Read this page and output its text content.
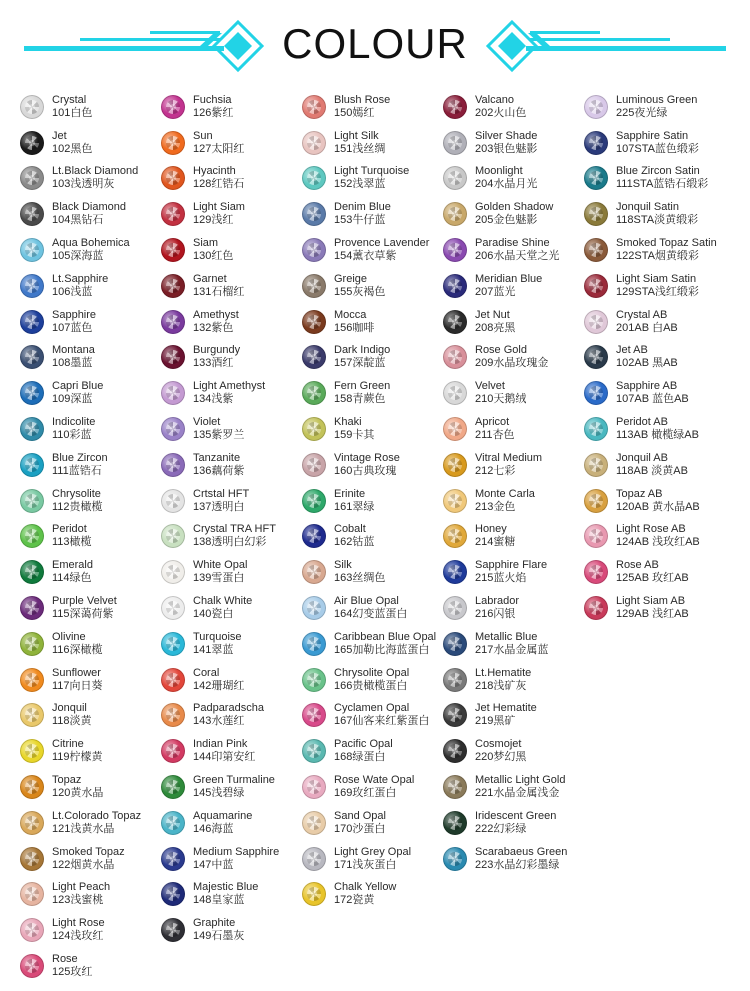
COLOUR
Crystal
101白色
Jet
102黑色
Lt.Black Diamond
103浅透明灰
Black Diamond
104黑钻石
Aqua Bohemica
105深海蓝
Lt.Sapphire
106浅蓝
Sapphire
107蓝色
Montana
108墨蓝
Capri Blue
109深蓝
Indicolite
110彩蓝
Blue Zircon
111蓝锆石
Chrysolite
112贵橄榄
Peridot
113橄榄
Emerald
114绿色
Purple Velvet
115深蔼荷紫
Olivine
116深橄榄
Sunflower
117向日葵
Jonquil
118淡黄
Citrine
119柠檬黄
Topaz
120黄水晶
Lt.Colorado Topaz
121浅黄水晶
Smoked Topaz
122烟黄水晶
Light Peach
123浅蜜桃
Light Rose
124浅玫红
Rose
125玫红
Fuchsia
126紫红
Sun
127太阳红
Hyacinth
128红锆石
Light Siam
129浅红
Siam
130红色
Garnet
131石榴红
Amethyst
132紫色
Burgundy
133酒红
Light Amethyst
134浅紫
Violet
135紫罗兰
Tanzanite
136藕荷紫
Crtstal HFT
137透明白
Crystal TRA HFT
138透明白幻彩
White Opal
139雪蛋白
Chalk White
140瓷白
Turquoise
141翠蓝
Coral
142珊瑚红
Padparadscha
143水莲红
Indian Pink
144印第安红
Green Turmaline
145浅碧绿
Aquamarine
146海蓝
Medium Sapphire
147中蓝
Majestic Blue
148皇家蓝
Graphite
149石墨灰
Blush Rose
150嫣红
Light Silk
151浅丝绸
Light Turquoise
152浅翠蓝
Denim Blue
153牛仔蓝
Provence Lavender
154薰衣草紫
Greige
155灰褐色
Mocca
156咖啡
Dark Indigo
157深靛蓝
Fern Green
158青蕨色
Khaki
159卡其
Vintage Rose
160古典玫瑰
Erinite
161翠绿
Cobalt
162钴蓝
Silk
163丝绸色
Air Blue Opal
164幻变蓝蛋白
Caribbean Blue Opal
165加勒比海蓝蛋白
Chrysolite Opal
166贵橄榄蛋白
Cyclamen Opal
167仙客来红紫蛋白
Pacific Opal
168绿蛋白
Rose Wate Opal
169玫红蛋白
Sand Opal
170沙蛋白
Light Grey Opal
171浅灰蛋白
Chalk Yellow
172瓷黄
Valcano
202火山色
Silver Shade
203银色魅影
Moonlight
204水晶月光
Golden Shadow
205金色魅影
Paradise Shine
206水晶天堂之光
Meridian Blue
207蓝光
Jet Nut
208亮黑
Rose Gold
209水晶玫瑰金
Velvet
210天鹅绒
Apricot
211杏色
Vitral Medium
212七彩
Monte Carla
213金色
Honey
214蜜糖
Sapphire Flare
215蓝火焰
Labrador
216闪银
Metallic Blue
217水晶金属蓝
Lt.Hematite
218浅矿灰
Jet Hematite
219黑矿
Cosmojet
220梦幻黑
Metallic Light Gold
221水晶金属浅金
Iridescent Green
222幻彩绿
Scarabaeus Green
223水晶幻彩墨绿
Luminous Green
225夜光绿
Sapphire Satin
107STA蓝色缎彩
Blue Zircon Satin
111STA蓝锆石缎彩
Jonquil Satin
118STA淡黄缎彩
Smoked Topaz Satin
122STA烟黄缎彩
Light Siam Satin
129STA浅红缎彩
Crystal AB
201AB 白AB
Jet AB
102AB 黑AB
Sapphire AB
107AB 蓝色AB
Peridot AB
113AB 橄榄绿AB
Jonquil AB
118AB 淡黄AB
Topaz AB
120AB 黄水晶AB
Light Rose AB
124AB 浅玫红AB
Rose AB
125AB 玫红AB
Light Siam AB
129AB 浅红AB
